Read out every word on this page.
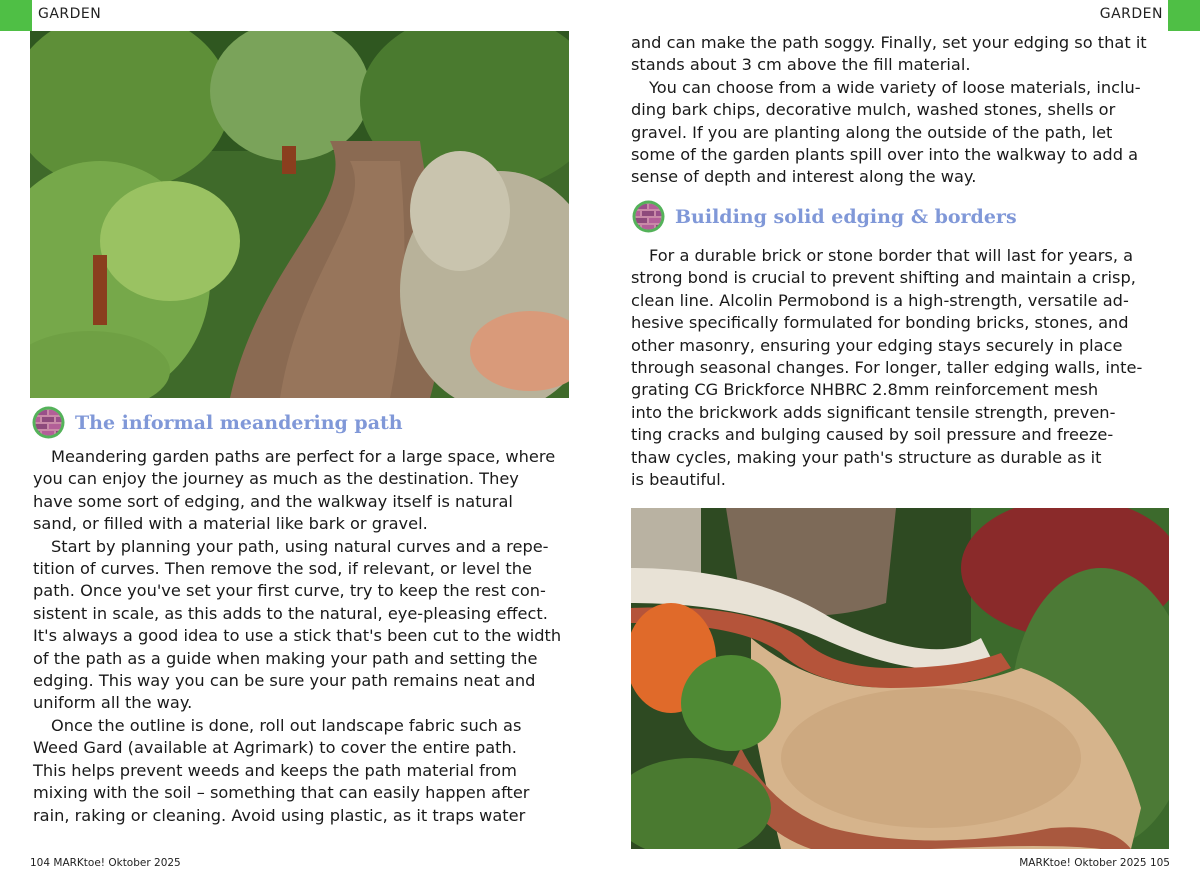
GARDEN	GARDEN
The informal meandering path

Meandering garden paths are perfect for a large space, where

you can enjoy the journey as much as the destination. They
have some sort of edging, and the walkway itself is natural
sand, or filled with a material like bark or gravel.

Start by planning your path, using natural curves and a repe-

tition of curves. Then remove the sod, if relevant, or level the
path. Once you've set your first curve, try to keep the rest con-
sistent in scale, as this adds to the natural, eye-pleasing effect.
It's always a good idea to use a stick that's been cut to the width
of the path as a guide when making your path and setting the
edging. This way you can be sure your path remains neat and
uniform all the way.

Once the outline is done, roll out landscape fabric such as

Weed Gard (available at Agrimark) to cover the entire path.
This helps prevent weeds and keeps the path material from
mixing with the soil – something that can easily happen after
rain, raking or cleaning. Avoid using plastic, as it traps water
and can make the path soggy. Finally, set your edging so that it
stands about 3 cm above the fill material.

You can choose from a wide variety of loose materials, inclu-

ding bark chips, decorative mulch, washed stones, shells or
gravel. If you are planting along the outside of the path, let
some of the garden plants spill over into the walkway to add a
sense of depth and interest along the way.
Building solid edging & borders

For a durable brick or stone border that will last for years, a

strong bond is crucial to prevent shifting and maintain a crisp,
clean line. Alcolin Permobond is a high-strength, versatile ad-
hesive specifically formulated for bonding bricks, stones, and
other masonry, ensuring your edging stays securely in place
through seasonal changes. For longer, taller edging walls, inte-
grating CG Brickforce NHBRC 2.8mm reinforcement mesh
into the brickwork adds significant tensile strength, preven-
ting cracks and bulging caused by soil pressure and freeze-
thaw cycles, making your path's structure as durable as it
is beautiful.
104 MARKtoe! Oktober 2025	MARKtoe! Oktober 2025 105
